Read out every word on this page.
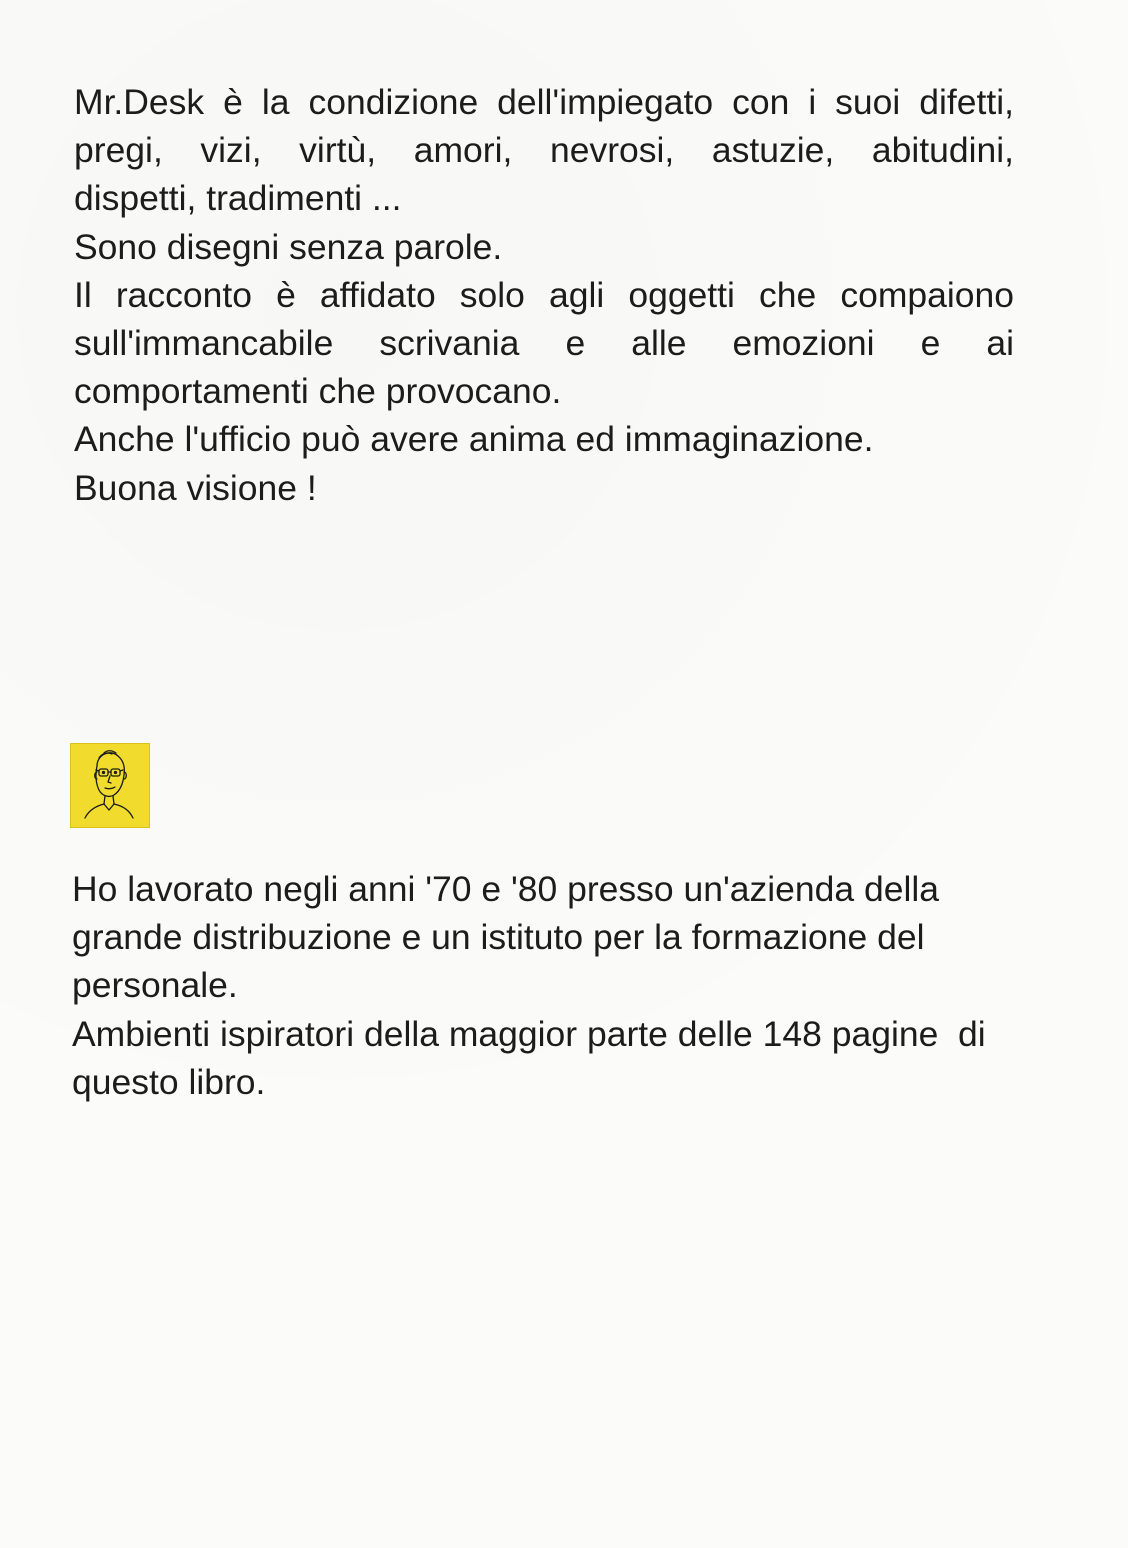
Mr.Desk è la condizione dell'impiegato con i suoi difetti,
pregi, vizi, virtù, amori, nevrosi, astuzie, abitudini,
dispetti, tradimenti ...
Sono disegni senza parole.
Il racconto è affidato solo agli oggetti che compaiono
sull'immancabile scrivania e alle emozioni e ai
comportamenti che provocano.
Anche l'ufficio può avere anima ed immaginazione.
Buona visione !
Ho lavorato negli anni '70 e '80 presso un'azienda della
grande distribuzione e un istituto per la formazione del
personale.
Ambienti ispiratori della maggior parte delle 148 pagine  di
questo libro.
